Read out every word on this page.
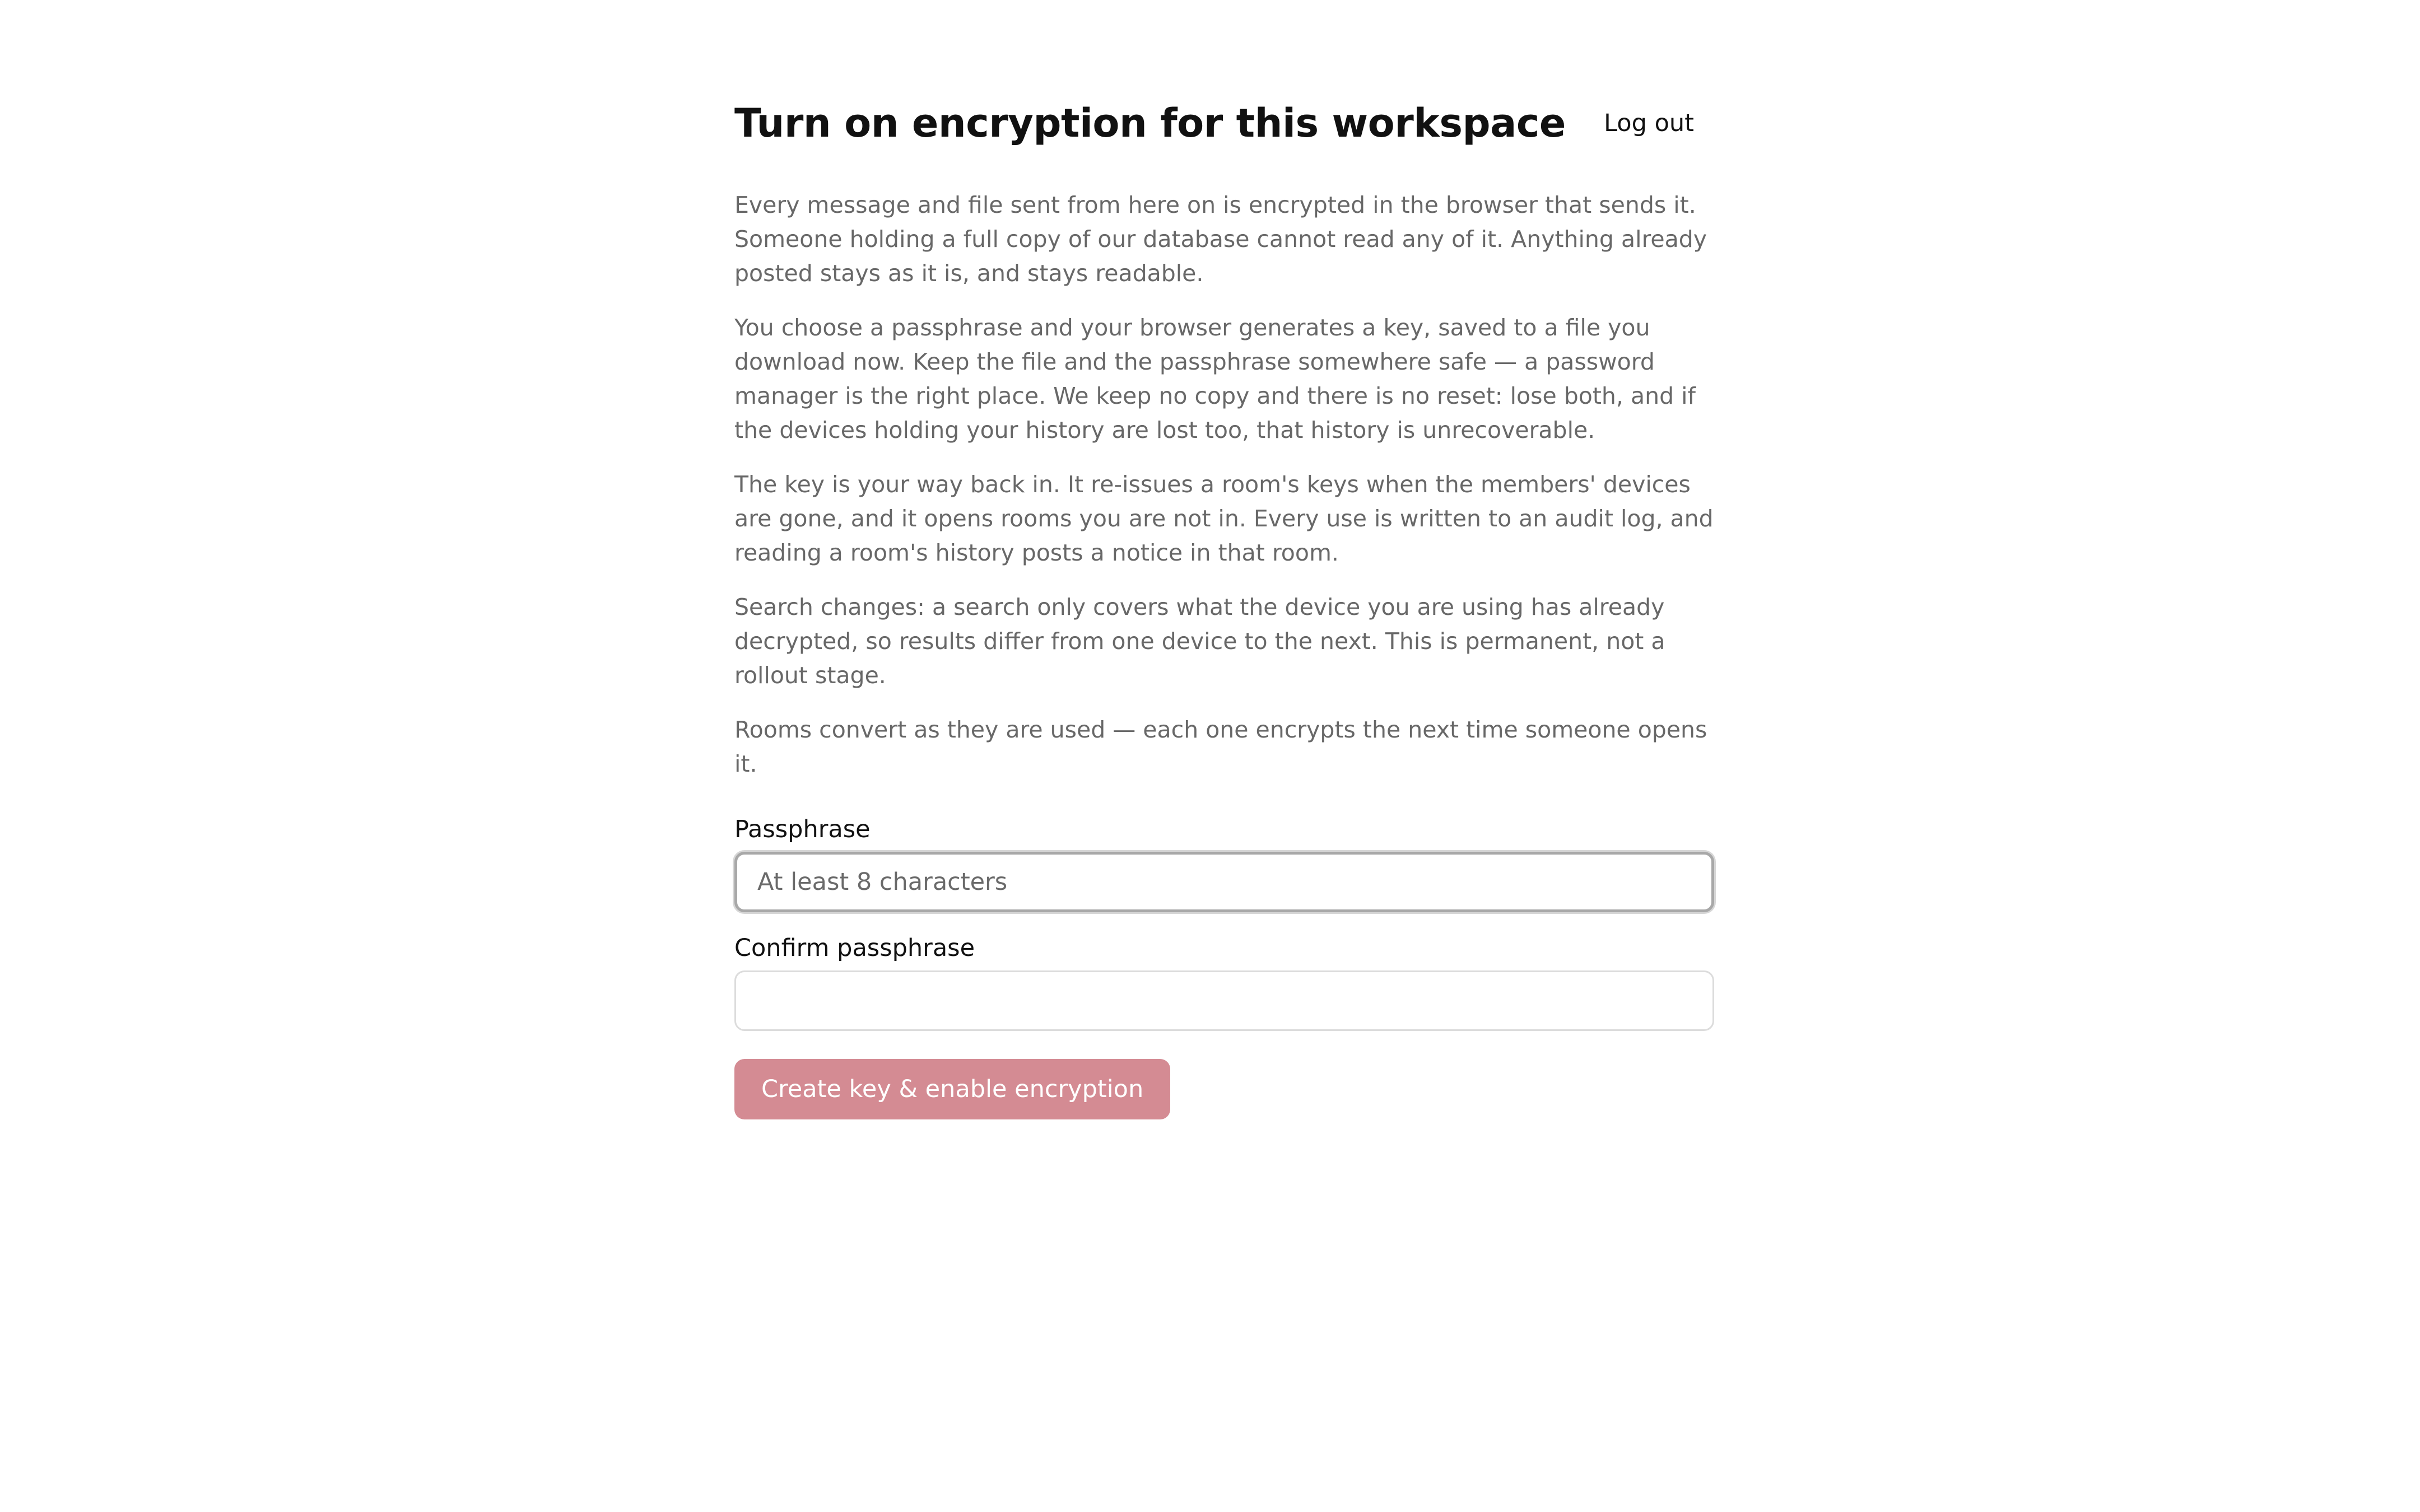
Turn on encryption for this workspace	Log out

Every message and file sent from here on is encrypted in the browser that sends it. Someone holding a full copy of our database cannot read any of it. Anything already posted stays as it is, and stays readable.

You choose a passphrase and your browser generates a key, saved to a file you download now. Keep the file and the passphrase somewhere safe — a password manager is the right place. We keep no copy and there is no reset: lose both, and if the devices holding your history are lost too, that history is unrecoverable.

The key is your way back in. It re-issues a room's keys when the members' devices are gone, and it opens rooms you are not in. Every use is written to an audit log, and reading a room's history posts a notice in that room.

Search changes: a search only covers what the device you are using has already decrypted, so results differ from one device to the next. This is permanent, not a rollout stage.

Rooms convert as they are used — each one encrypts the next time someone opens it.

Passphrase
Confirm passphrase
Create key & enable encryption
